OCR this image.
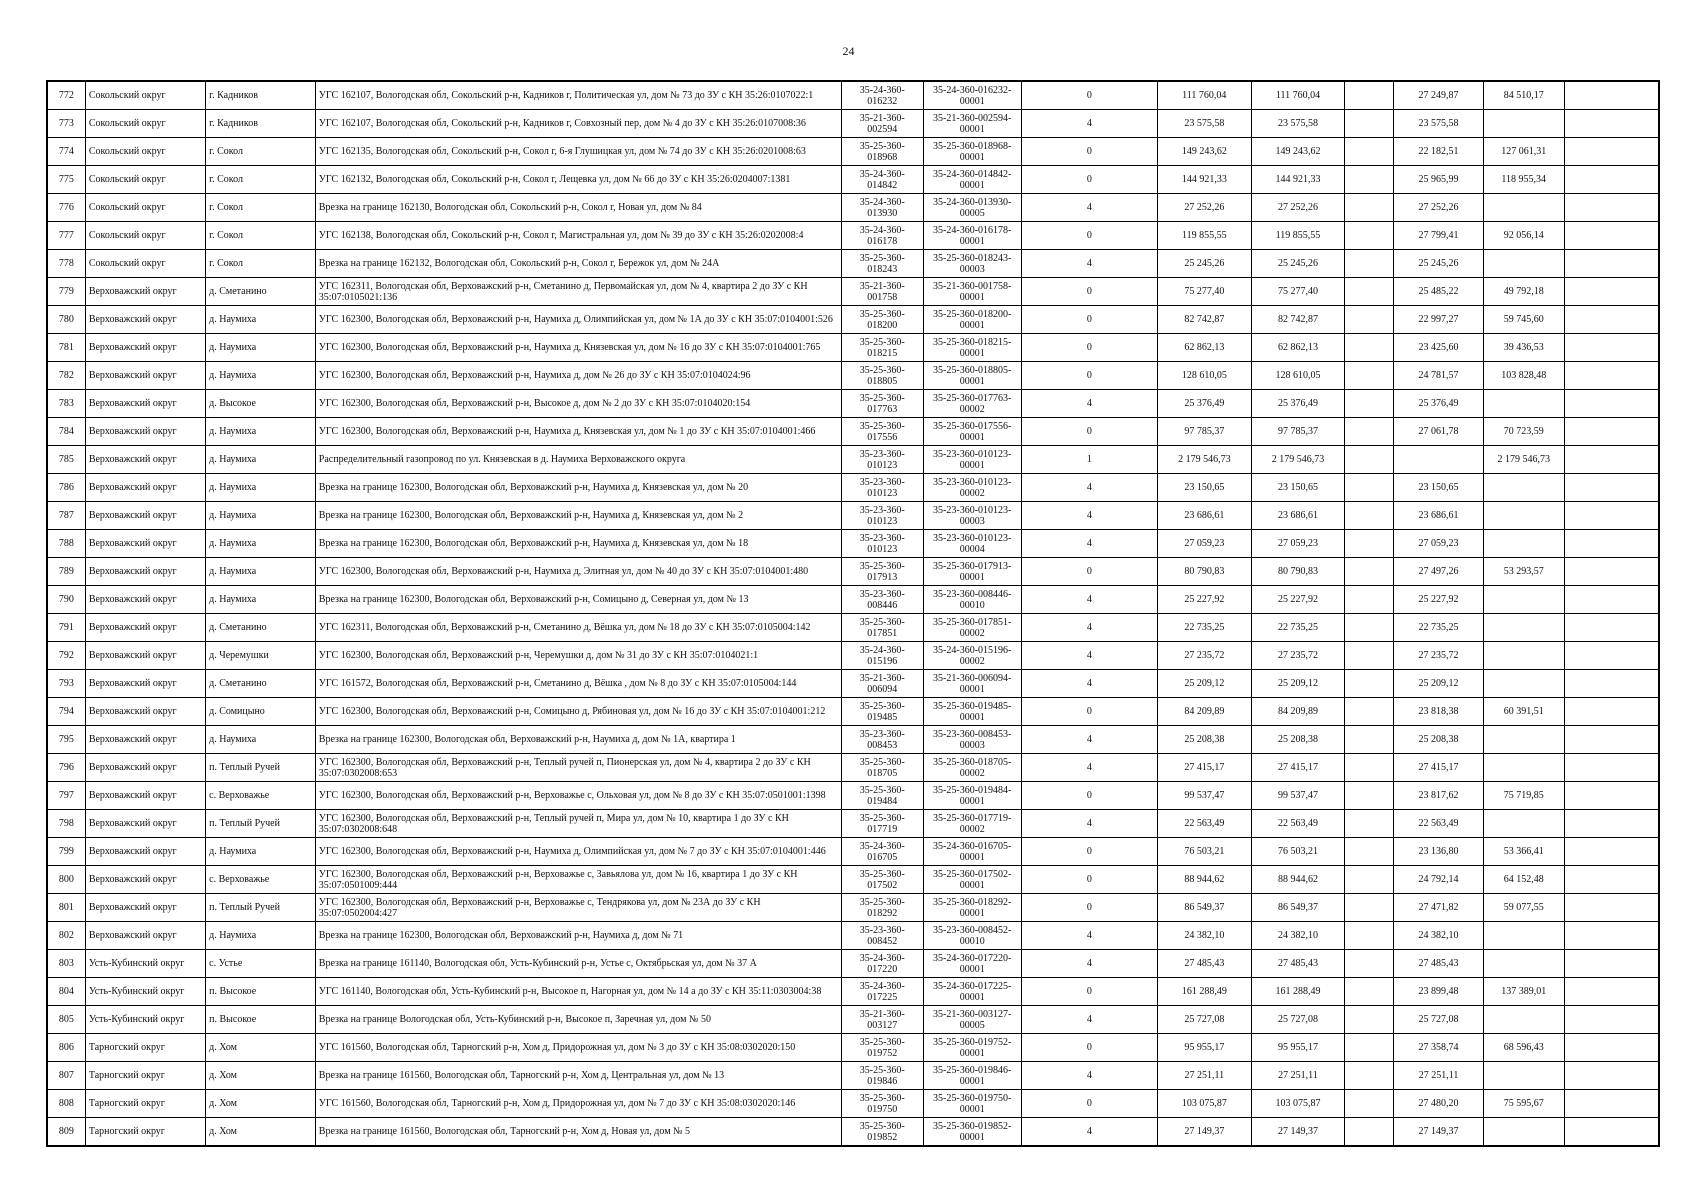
24
772	Сокольский округ	г. Кадников	УГС 162107, Вологодская обл, Сокольский р-н, Кадников г, Политическая ул, дом № 73 до ЗУ с КН 35:26:0107022:1	35-24-360-016232	35-24-360-016232-00001	0	111 760,04	111 760,04		27 249,87	84 510,17	
773	Сокольский округ	г. Кадников	УГС 162107, Вологодская обл, Сокольский р-н, Кадников г, Совхозный пер, дом № 4 до ЗУ с КН 35:26:0107008:36	35-21-360-002594	35-21-360-002594-00001	4	23 575,58	23 575,58		23 575,58		
774	Сокольский округ	г. Сокол	УГС 162135, Вологодская обл, Сокольский р-н, Сокол г, 6-я Глушицкая ул, дом № 74 до ЗУ с КН 35:26:0201008:63	35-25-360-018968	35-25-360-018968-00001	0	149 243,62	149 243,62		22 182,51	127 061,31	
775	Сокольский округ	г. Сокол	УГС 162132, Вологодская обл, Сокольский р-н, Сокол г, Лещевка ул, дом № 66 до ЗУ с КН 35:26:0204007:1381	35-24-360-014842	35-24-360-014842-00001	0	144 921,33	144 921,33		25 965,99	118 955,34	
776	Сокольский округ	г. Сокол	Врезка на границе 162130, Вологодская обл, Сокольский р-н, Сокол г, Новая ул, дом № 84	35-24-360-013930	35-24-360-013930-00005	4	27 252,26	27 252,26		27 252,26		
777	Сокольский округ	г. Сокол	УГС 162138, Вологодская обл, Сокольский р-н, Сокол г, Магистральная ул, дом № 39 до ЗУ с КН 35:26:0202008:4	35-24-360-016178	35-24-360-016178-00001	0	119 855,55	119 855,55		27 799,41	92 056,14	
778	Сокольский округ	г. Сокол	Врезка на границе 162132, Вологодская обл, Сокольский р-н, Сокол г, Бережок ул, дом № 24А	35-25-360-018243	35-25-360-018243-00003	4	25 245,26	25 245,26		25 245,26		
779	Верховажский округ	д. Сметанино	УГС 162311, Вологодская обл, Верховажский р-н, Сметанино д, Первомайская ул, дом № 4, квартира 2 до ЗУ с КН 35:07:0105021:136	35-21-360-001758	35-21-360-001758-00001	0	75 277,40	75 277,40		25 485,22	49 792,18	
780	Верховажский округ	д. Наумиха	УГС 162300, Вологодская обл, Верховажский р-н, Наумиха д, Олимпийская ул, дом № 1А до ЗУ с КН 35:07:0104001:526	35-25-360-018200	35-25-360-018200-00001	0	82 742,87	82 742,87		22 997,27	59 745,60	
781	Верховажский округ	д. Наумиха	УГС 162300, Вологодская обл, Верховажский р-н, Наумиха д, Князевская ул, дом № 16 до ЗУ с КН 35:07:0104001:765	35-25-360-018215	35-25-360-018215-00001	0	62 862,13	62 862,13		23 425,60	39 436,53	
782	Верховажский округ	д. Наумиха	УГС 162300, Вологодская обл, Верховажский р-н, Наумиха д, дом № 26 до ЗУ с КН 35:07:0104024:96	35-25-360-018805	35-25-360-018805-00001	0	128 610,05	128 610,05		24 781,57	103 828,48	
783	Верховажский округ	д. Высокое	УГС 162300, Вологодская обл, Верховажский р-н, Высокое д, дом № 2 до ЗУ с КН 35:07:0104020:154	35-25-360-017763	35-25-360-017763-00002	4	25 376,49	25 376,49		25 376,49		
784	Верховажский округ	д. Наумиха	УГС 162300, Вологодская обл, Верховажский р-н, Наумиха д, Князевская ул, дом № 1 до ЗУ с КН 35:07:0104001:466	35-25-360-017556	35-25-360-017556-00001	0	97 785,37	97 785,37		27 061,78	70 723,59	
785	Верховажский округ	д. Наумиха	Распределительный газопровод по ул. Князевская в д. Наумиха Верховажского округа	35-23-360-010123	35-23-360-010123-00001	1	2 179 546,73	2 179 546,73			2 179 546,73	
786	Верховажский округ	д. Наумиха	Врезка на границе 162300, Вологодская обл, Верховажский р-н, Наумиха д, Князевская ул, дом № 20	35-23-360-010123	35-23-360-010123-00002	4	23 150,65	23 150,65		23 150,65		
787	Верховажский округ	д. Наумиха	Врезка на границе 162300, Вологодская обл, Верховажский р-н, Наумиха д, Князевская ул, дом № 2	35-23-360-010123	35-23-360-010123-00003	4	23 686,61	23 686,61		23 686,61		
788	Верховажский округ	д. Наумиха	Врезка на границе 162300, Вологодская обл, Верховажский р-н, Наумиха д, Князевская ул, дом № 18	35-23-360-010123	35-23-360-010123-00004	4	27 059,23	27 059,23		27 059,23		
789	Верховажский округ	д. Наумиха	УГС 162300, Вологодская обл, Верховажский р-н, Наумиха д, Элитная ул, дом № 40 до ЗУ с КН 35:07:0104001:480	35-25-360-017913	35-25-360-017913-00001	0	80 790,83	80 790,83		27 497,26	53 293,57	
790	Верховажский округ	д. Наумиха	Врезка на границе 162300, Вологодская обл, Верховажский р-н, Сомицыно д, Северная ул, дом № 13	35-23-360-008446	35-23-360-008446-00010	4	25 227,92	25 227,92		25 227,92		
791	Верховажский округ	д. Сметанино	УГС 162311, Вологодская обл, Верховажский р-н, Сметанино д, Вёшка ул, дом № 18 до ЗУ с КН 35:07:0105004:142	35-25-360-017851	35-25-360-017851-00002	4	22 735,25	22 735,25		22 735,25		
792	Верховажский округ	д. Черемушки	УГС 162300, Вологодская обл, Верховажский р-н, Черемушки д, дом № 31 до ЗУ с КН 35:07:0104021:1	35-24-360-015196	35-24-360-015196-00002	4	27 235,72	27 235,72		27 235,72		
793	Верховажский округ	д. Сметанино	УГС 161572, Вологодская обл, Верховажский р-н, Сметанино д, Вёшка , дом № 8 до ЗУ с КН 35:07:0105004:144	35-21-360-006094	35-21-360-006094-00001	4	25 209,12	25 209,12		25 209,12		
794	Верховажский округ	д. Сомицыно	УГС 162300, Вологодская обл, Верховажский р-н, Сомицыно д, Рябиновая ул, дом № 16 до ЗУ с КН 35:07:0104001:212	35-25-360-019485	35-25-360-019485-00001	0	84 209,89	84 209,89		23 818,38	60 391,51	
795	Верховажский округ	д. Наумиха	Врезка на границе 162300, Вологодская обл, Верховажский р-н, Наумиха д, дом № 1А, квартира 1	35-23-360-008453	35-23-360-008453-00003	4	25 208,38	25 208,38		25 208,38		
796	Верховажский округ	п. Теплый Ручей	УГС 162300, Вологодская обл, Верховажский р-н, Теплый ручей п, Пионерская ул, дом № 4, квартира 2 до ЗУ с КН 35:07:0302008:653	35-25-360-018705	35-25-360-018705-00002	4	27 415,17	27 415,17		27 415,17		
797	Верховажский округ	с. Верховажье	УГС 162300, Вологодская обл, Верховажский р-н, Верховажье с, Ольховая ул, дом № 8 до ЗУ с КН 35:07:0501001:1398	35-25-360-019484	35-25-360-019484-00001	0	99 537,47	99 537,47		23 817,62	75 719,85	
798	Верховажский округ	п. Теплый Ручей	УГС 162300, Вологодская обл, Верховажский р-н, Теплый ручей п, Мира ул, дом № 10, квартира 1 до ЗУ с КН 35:07:0302008:648	35-25-360-017719	35-25-360-017719-00002	4	22 563,49	22 563,49		22 563,49		
799	Верховажский округ	д. Наумиха	УГС 162300, Вологодская обл, Верховажский р-н, Наумиха д, Олимпийская ул, дом № 7 до ЗУ с КН 35:07:0104001:446	35-24-360-016705	35-24-360-016705-00001	0	76 503,21	76 503,21		23 136,80	53 366,41	
800	Верховажский округ	с. Верховажье	УГС 162300, Вологодская обл, Верховажский р-н, Верховажье с, Завьялова ул, дом № 16, квартира 1 до ЗУ с КН 35:07:0501009:444	35-25-360-017502	35-25-360-017502-00001	0	88 944,62	88 944,62		24 792,14	64 152,48	
801	Верховажский округ	п. Теплый Ручей	УГС 162300, Вологодская обл, Верховажский р-н, Верховажье с, Тендрякова ул, дом № 23А до ЗУ с КН 35:07:0502004:427	35-25-360-018292	35-25-360-018292-00001	0	86 549,37	86 549,37		27 471,82	59 077,55	
802	Верховажский округ	д. Наумиха	Врезка на границе 162300, Вологодская обл, Верховажский р-н, Наумиха д, дом № 71	35-23-360-008452	35-23-360-008452-00010	4	24 382,10	24 382,10		24 382,10		
803	Усть-Кубинский округ	с. Устье	Врезка на границе 161140, Вологодская обл, Усть-Кубинский р-н, Устье с, Октябрьская ул, дом № 37 А	35-24-360-017220	35-24-360-017220-00001	4	27 485,43	27 485,43		27 485,43		
804	Усть-Кубинский округ	п. Высокое	УГС 161140, Вологодская обл, Усть-Кубинский р-н, Высокое п, Нагорная ул, дом № 14 а до ЗУ с КН 35:11:0303004:38	35-24-360-017225	35-24-360-017225-00001	0	161 288,49	161 288,49		23 899,48	137 389,01	
805	Усть-Кубинский округ	п. Высокое	Врезка на границе Вологодская обл, Усть-Кубинский р-н, Высокое п, Заречная ул, дом № 50	35-21-360-003127	35-21-360-003127-00005	4	25 727,08	25 727,08		25 727,08		
806	Тарногский округ	д. Хом	УГС 161560, Вологодская обл, Тарногский р-н, Хом д, Придорожная ул, дом № 3 до ЗУ с КН 35:08:0302020:150	35-25-360-019752	35-25-360-019752-00001	0	95 955,17	95 955,17		27 358,74	68 596,43	
807	Тарногский округ	д. Хом	Врезка на границе 161560, Вологодская обл, Тарногский р-н, Хом д, Центральная ул, дом № 13	35-25-360-019846	35-25-360-019846-00001	4	27 251,11	27 251,11		27 251,11		
808	Тарногский округ	д. Хом	УГС 161560, Вологодская обл, Тарногский р-н, Хом д, Придорожная ул, дом № 7 до ЗУ с КН 35:08:0302020:146	35-25-360-019750	35-25-360-019750-00001	0	103 075,87	103 075,87		27 480,20	75 595,67	
809	Тарногский округ	д. Хом	Врезка на границе 161560, Вологодская обл, Тарногский р-н, Хом д, Новая ул, дом № 5	35-25-360-019852	35-25-360-019852-00001	4	27 149,37	27 149,37		27 149,37		
